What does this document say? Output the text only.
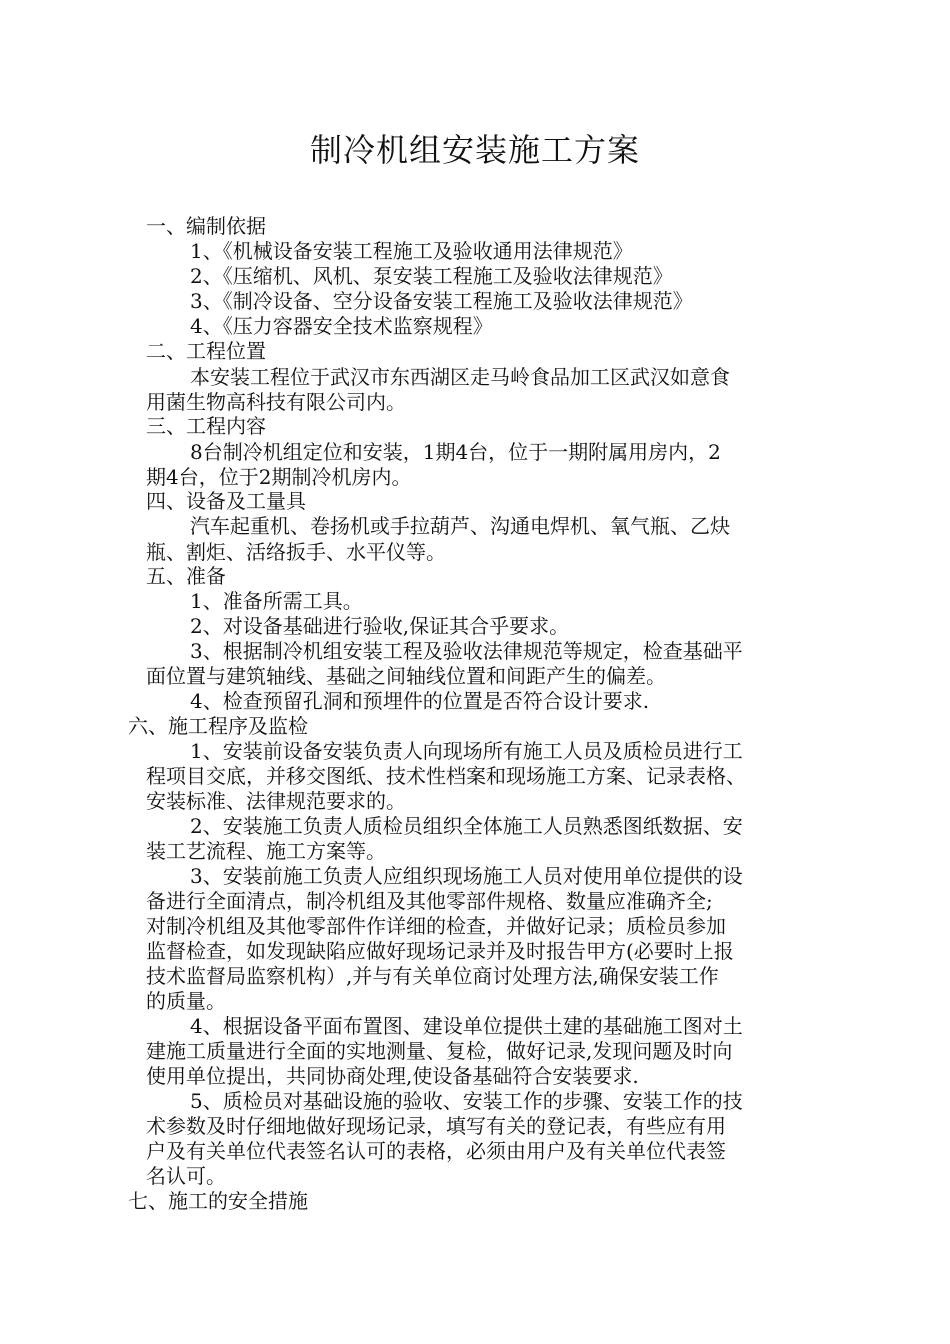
制冷机组安装施工方案
一、编制依据
1、《机械设备安装工程施工及验收通用法律规范》
2、《压缩机、风机、泵安装工程施工及验收法律规范》
3、《制冷设备、空分设备安装工程施工及验收法律规范》
4、《压力容器安全技术监察规程》
二、工程位置
本安装工程位于武汉市东西湖区走马岭食品加工区武汉如意食
用菌生物高科技有限公司内。
三、工程内容
8台制冷机组定位和安装，1期4台，位于一期附属用房内，2
期4台，位于2期制冷机房内。
四、设备及工量具
汽车起重机、卷扬机或手拉葫芦、沟通电焊机、氧气瓶、乙炔
瓶、割炬、活络扳手、水平仪等。
五、准备
1、准备所需工具。
2、对设备基础进行验收,保证其合乎要求。
3、根据制冷机组安装工程及验收法律规范等规定，检查基础平
面位置与建筑轴线、基础之间轴线位置和间距产生的偏差。
4、检查预留孔洞和预埋件的位置是否符合设计要求.
六、施工程序及监检
1、安装前设备安装负责人向现场所有施工人员及质检员进行工
程项目交底，并移交图纸、技术性档案和现场施工方案、记录表格、
安装标准、法律规范要求的。
2、安装施工负责人质检员组织全体施工人员熟悉图纸数据、安
装工艺流程、施工方案等。
3、安装前施工负责人应组织现场施工人员对使用单位提供的设
备进行全面清点，制冷机组及其他零部件规格、数量应准确齐全;
对制冷机组及其他零部件作详细的检查，并做好记录；质检员参加
监督检查，如发现缺陷应做好现场记录并及时报告甲方(必要时上报
技术监督局监察机构）,并与有关单位商讨处理方法,确保安装工作
的质量。
4、根据设备平面布置图、建设单位提供土建的基础施工图对土
建施工质量进行全面的实地测量、复检，做好记录,发现问题及时向
使用单位提出，共同协商处理,使设备基础符合安装要求.
5、质检员对基础设施的验收、安装工作的步骤、安装工作的技
术参数及时仔细地做好现场记录，填写有关的登记表，有些应有用
户及有关单位代表签名认可的表格，必须由用户及有关单位代表签
名认可。
七、施工的安全措施
